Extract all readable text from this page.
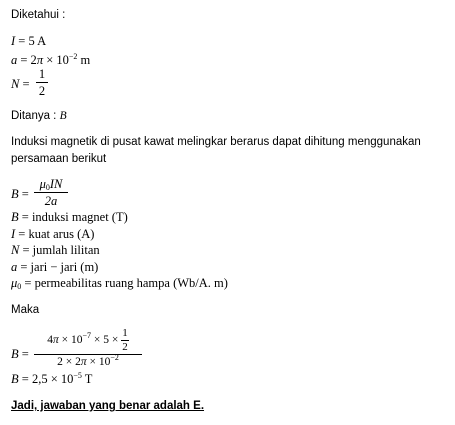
Diketahui :
I = 5 A
$a = 2\pi \times 10^{-2}$ m
N =
1
2
Ditanya : B
Induksi magnetik di pusat kawat melingkar berarus dapat dihitung menggunakan
persamaan berikut
B =
$\mu_0IN$
2a
B = induksi magnet (T)
I = kuat arus (A)
N = jumlah lilitan
a = jari − jari (m)
$\mu_0$ = permeabilitas ruang hampa (Wb/A. m)
Maka
B =
$4\pi \times 10^{-7} \times 5 \times \frac{1}{2}$
$2 \times 2\pi \times 10^{-2}$
$B = 2,5 \times 10^{-5}$ T
Jadi, jawaban yang benar adalah E.
